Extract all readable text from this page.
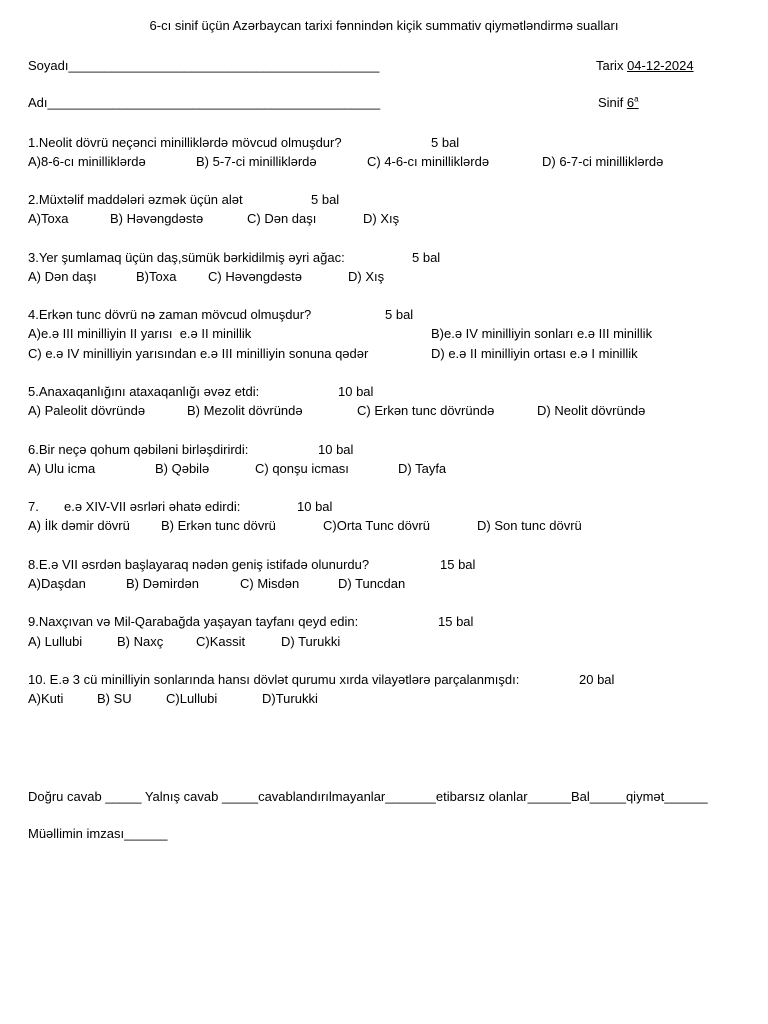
6-cı sinif üçün Azərbaycan tarixi fənnindən kiçik summativ qiymətləndirmə sualları
Soyadı___________________________________________	Tarix 04-12-2024
Adı______________________________________________	Sinif 6$^a$
1.Neolit dövrü neçənci minilliklərdə mövcud olmuşdur?	5 bal
A)8-6-cı minilliklərdə	B) 5-7-ci minilliklərdə	C) 4-6-cı minilliklərdə	D) 6-7-ci minilliklərdə
2.Müxtəlif maddələri əzmək üçün alət	5 bal
A)Toxa	B) Həvəngdəstə	C) Dən daşı	D) Xış
3.Yer şumlamaq üçün daş,sümük bərkidilmiş əyri ağac:	5 bal
A) Dən daşı	B)Toxa C) Həvəngdəstə	D) Xış
4.Erkən tunc dövrü nə zaman mövcud olmuşdur?	5 bal
A)e.ə III minilliyin II yarısı  e.ə II minillik	B)e.ə IV minilliyin sonları e.ə III minillik
C) e.ə IV minilliyin yarısından e.ə III minilliyin sonuna qədər	D) e.ə II minilliyin ortası e.ə I minillik
5.Anaxaqanlığını ataxaqanlığı əvəz etdi:	10 bal
A) Paleolit dövründə	B) Mezolit dövründə	C) Erkən tunc dövründə	D) Neolit dövründə
6.Bir neçə qohum qəbiləni birləşdirirdi:	10 bal
A) Ulu icma	B) Qəbilə	C) qonşu icması	D) Tayfa
7. e.ə XIV-VII əsrləri əhatə edirdi:	10 bal
A) İlk dəmir dövrü B) Erkən tunc dövrü	C)Orta Tunc dövrü	D) Son tunc dövrü
8.E.ə VII əsrdən başlayaraq nədən geniş istifadə olunurdu?	15 bal
A)Daşdan	B) Dəmirdən	C) Misdən	D) Tuncdan
9.Naxçıvan və Mil-Qarabağda yaşayan tayfanı qeyd edin:	15 bal
A) Lullubi	B) Naxç	C)Kassit	D) Turukki
10. E.ə 3 cü minilliyin sonlarında hansı dövlət qurumu xırda vilayətlərə parçalanmışdı:	20 bal
A)Kuti	B) SU	C)Lullubi	D)Turukki
Doğru cavab _____ Yalnış cavab _____cavablandırılmayanlar_______etibarsız olanlar______Bal_____qiymət______
Müəllimin imzası______
